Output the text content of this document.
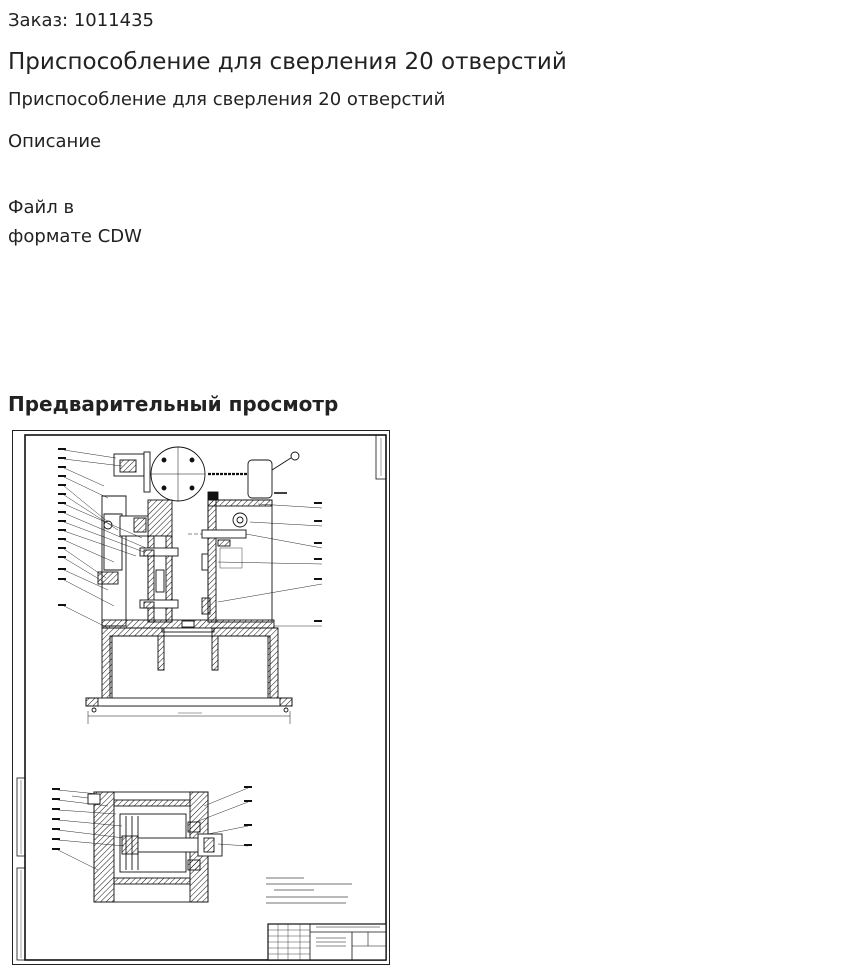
Заказ: 1011435
Приспособление для сверления 20 отверстий
Приспособление для сверления 20 отверстий
Описание
Файл в
формате CDW
Предварительный просмотр
